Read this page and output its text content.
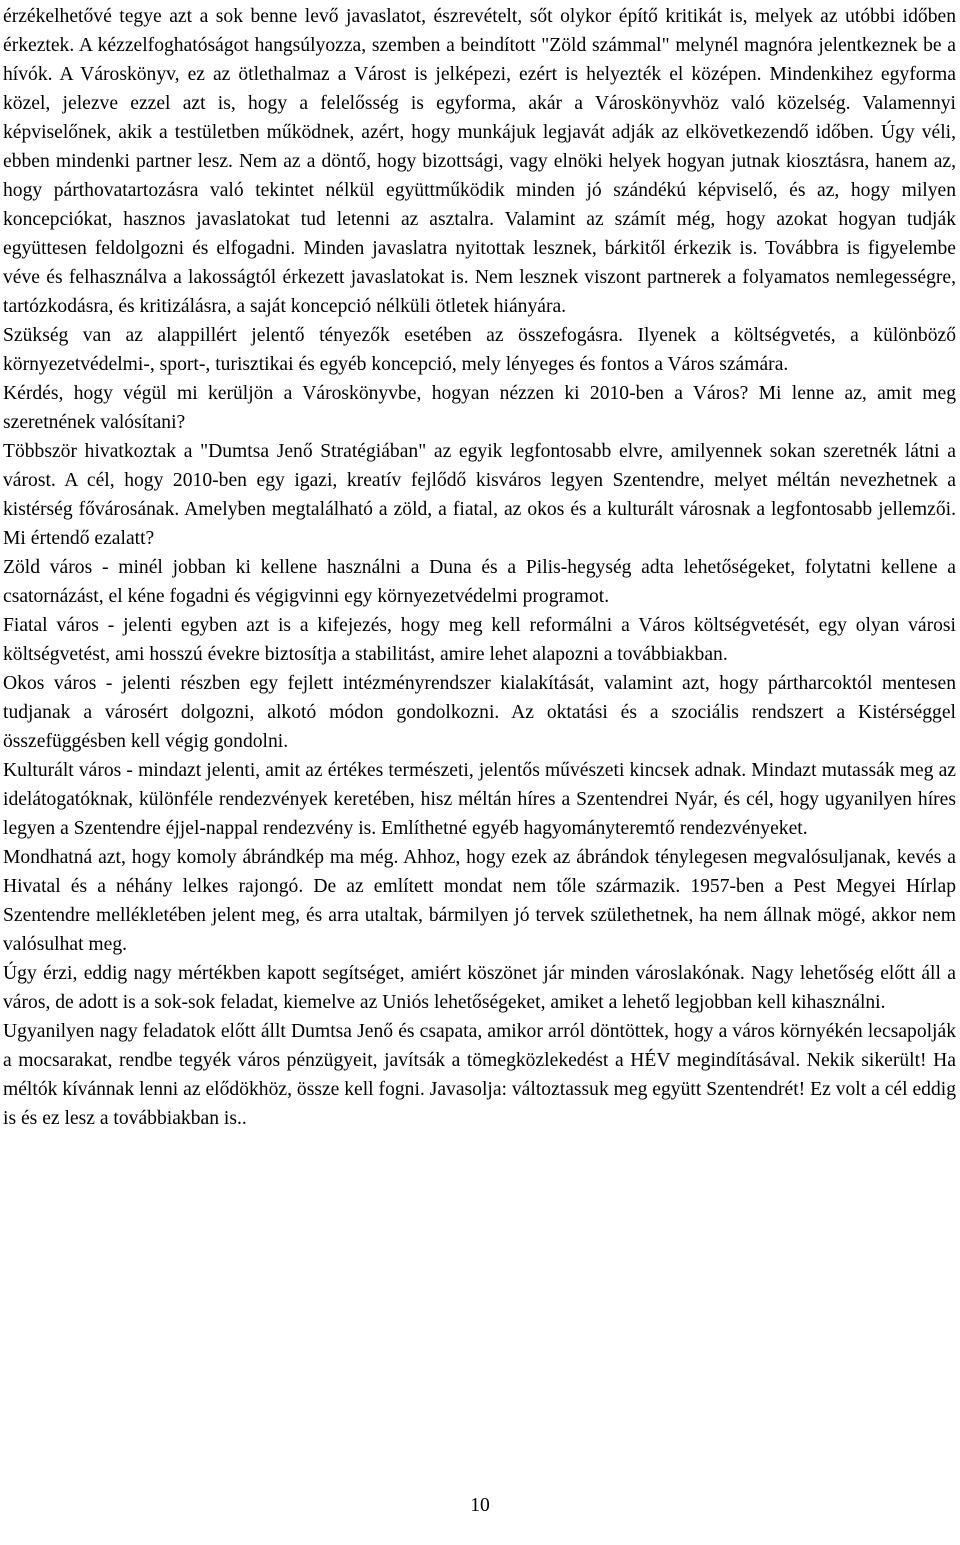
érzékelhetővé tegye azt a sok benne levő javaslatot, észrevételt, sőt olykor építő kritikát is, melyek az utóbbi időben érkeztek. A kézzelfoghatóságot hangsúlyozza, szemben a beindított "Zöld számmal" melynél magnóra jelentkeznek be a hívók. A Városkönyv, ez az ötlethalmaz a Várost is jelképezi, ezért is helyezték el középen. Mindenkihez egyforma közel, jelezve ezzel azt is, hogy a felelősség is egyforma, akár a Városkönyvhöz való közelség. Valamennyi képviselőnek, akik a testületben működnek, azért, hogy munkájuk legjavát adják az elkövetkezendő időben. Úgy véli, ebben mindenki partner lesz. Nem az a döntő, hogy bizottsági, vagy elnöki helyek hogyan jutnak kiosztásra, hanem az, hogy párthovatartozásra való tekintet nélkül együttműködik minden jó szándékú képviselő, és az, hogy milyen koncepciókat, hasznos javaslatokat tud letenni az asztalra. Valamint az számít még, hogy azokat hogyan tudják együttesen feldolgozni és elfogadni. Minden javaslatra nyitottak lesznek, bárkitől érkezik is. Továbbra is figyelembe véve és felhasználva a lakosságtól érkezett javaslatokat is. Nem lesznek viszont partnerek a folyamatos nemlegességre, tartózkodásra, és kritizálásra, a saját koncepció nélküli ötletek hiányára.

Szükség van az alappillért jelentő tényezők esetében az összefogásra. Ilyenek a költségvetés, a különböző környezetvédelmi-, sport-, turisztikai és egyéb koncepció, mely lényeges és fontos a Város számára.

Kérdés, hogy végül mi kerüljön a Városkönyvbe, hogyan nézzen ki 2010-ben a Város? Mi lenne az, amit meg szeretnének valósítani?

Többször hivatkoztak a "Dumtsa Jenő Stratégiában" az egyik legfontosabb elvre, amilyennek sokan szeretnék látni a várost. A cél, hogy 2010-ben egy igazi, kreatív fejlődő kisváros legyen Szentendre, melyet méltán nevezhetnek a kistérség fővárosának. Amelyben megtalálható a zöld, a fiatal, az okos és a kulturált városnak a legfontosabb jellemzői. Mi értendő ezalatt?

Zöld város - minél jobban ki kellene használni a Duna és a Pilis-hegység adta lehetőségeket, folytatni kellene a csatornázást, el kéne fogadni és végigvinni egy környezetvédelmi programot.

Fiatal város - jelenti egyben azt is a kifejezés, hogy meg kell reformálni a Város költségvetését, egy olyan városi költségvetést, ami hosszú évekre biztosítja a stabilitást, amire lehet alapozni a továbbiakban.

Okos város - jelenti részben egy fejlett intézményrendszer kialakítását, valamint azt, hogy pártharcoktól mentesen tudjanak a városért dolgozni, alkotó módon gondolkozni. Az oktatási és a szociális rendszert a Kistérséggel összefüggésben kell végig gondolni.

Kulturált város - mindazt jelenti, amit az értékes természeti, jelentős művészeti kincsek adnak. Mindazt mutassák meg az idelátogatóknak, különféle rendezvények keretében, hisz méltán híres a Szentendrei Nyár, és cél, hogy ugyanilyen híres legyen a Szentendre éjjel-nappal rendezvény is. Említhetné egyéb hagyományteremtő rendezvényeket.

Mondhatná azt, hogy komoly ábrándkép ma még. Ahhoz, hogy ezek az ábrándok ténylegesen megvalósuljanak, kevés a Hivatal és a néhány lelkes rajongó. De az említett mondat nem tőle származik. 1957-ben a Pest Megyei Hírlap Szentendre mellékletében jelent meg, és arra utaltak, bármilyen jó tervek születhetnek, ha nem állnak mögé, akkor nem valósulhat meg.

Úgy érzi, eddig nagy mértékben kapott segítséget, amiért köszönet jár minden városlakónak. Nagy lehetőség előtt áll a város, de adott is a sok-sok feladat, kiemelve az Uniós lehetőségeket, amiket a lehető legjobban kell kihasználni.

Ugyanilyen nagy feladatok előtt állt Dumtsa Jenő és csapata, amikor arról döntöttek, hogy a város környékén lecsapolják a mocsarakat, rendbe tegyék város pénzügyeit, javítsák a tömegközlekedést a HÉV megindításával. Nekik sikerült! Ha méltók kívánnak lenni az elődökhöz, össze kell fogni. Javasolja: változtassuk meg együtt Szentendrét! Ez volt a cél eddig is és ez lesz a továbbiakban is..

10
